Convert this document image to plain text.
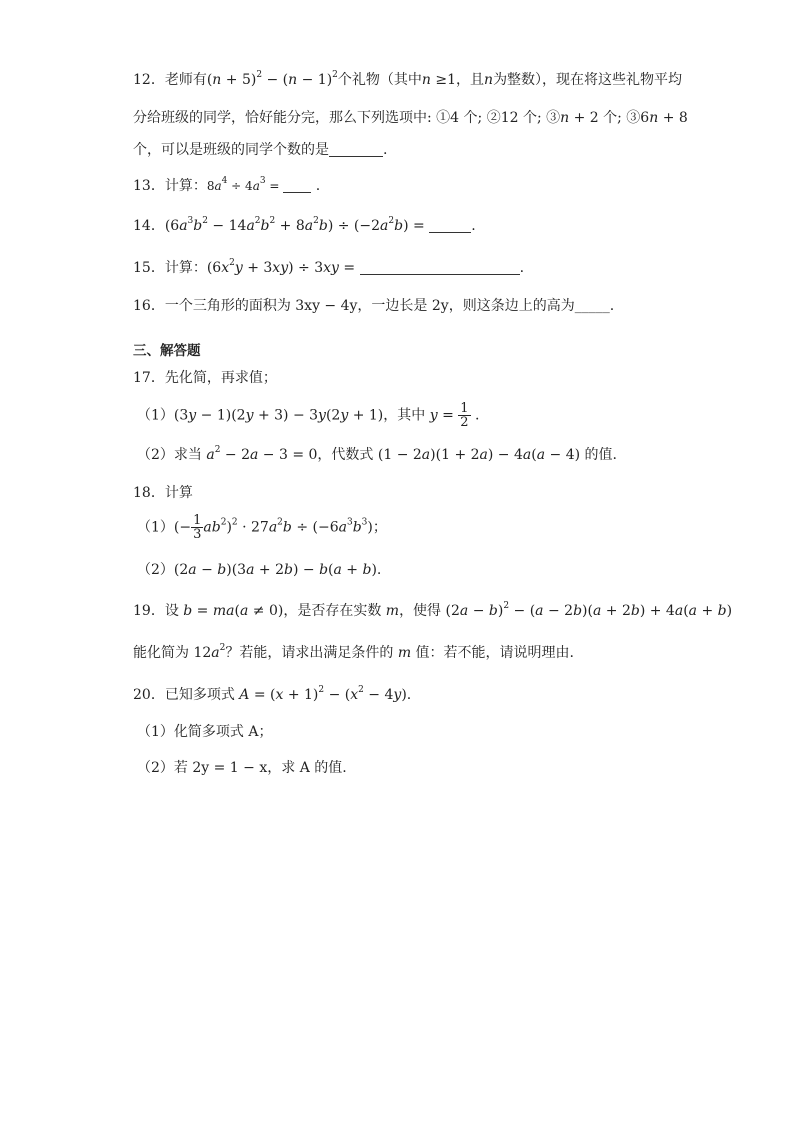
12．老师有$(n + 5)^2 - (n - 1)^2$个礼物（其中n ≥1，且n为整数），现在将这些礼物平均
分给班级的同学，恰好能分完，那么下列选项中: ①4 个; ②12 个; ③n + 2 个; ③6n + 8
个，可以是班级的同学个数的是	.
13．计算：$8a^4 \div 4a^3$ =  .
14．$(6a^3b^2 - 14a^2b^2 + 8a^2b) \div (-2a^2b)$ =	.
15．计算：$(6x^2y + 3xy) \div 3xy$ =	.
16．一个三角形的面积为 3xy − 4y，一边长是 2y，则这条边上的高为_____.
三、解答题
17．先化简，再求值；
（1）(3y − 1)(2y + 3) − 3y(2y + 1)，其中 $y = \frac{1}{2}$ .
（2）求当 $a^2 - 2a - 3 = 0$，代数式 (1 − 2a)(1 + 2a) − 4a(a − 4) 的值.
18．计算
$(1)(- \frac{1}{3} ab^2)^2 \cdot 27a^2b \div (-6a^3b^3)$；
（2）(2a − b)(3a + 2b) − b(a + b).
19．设 b = ma(a ≠ 0)，是否存在实数 m，使得 $(2a - b)^2 - (a - 2b)(a + 2b) + 4a(a + b)$
能化简为 $12a^2$？若能，请求出满足条件的 m 值：若不能，请说明理由.
20．已知多项式 $A = (x + 1)^2 - (x^2 - 4y)$.
（1）化简多项式 A；
（2）若 2y = 1 − x，求 A 的值.
